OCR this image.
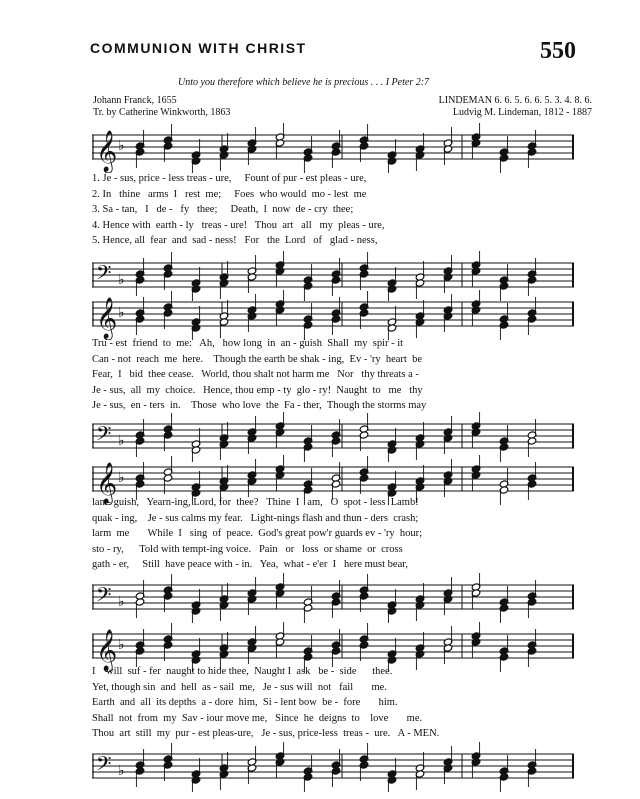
COMMUNION WITH CHRIST	550
Unto you therefore which believe he is precious . . . I Peter 2:7
Johann Franck, 1655
Tr. by Catherine Winkworth, 1863
LINDEMAN 6. 6. 5. 6. 6. 5. 3. 4. 8. 6.
Ludvig M. Lindeman, 1812 - 1887
𝄞 ♭
1. Je - sus, price - less treas - ure,     Fount of pur - est pleas - ure,
2. In   thine   arms  I   rest  me;     Foes  who would  mo - lest  me
3. Sa - tan,   I   de -   fy   thee;     Death,  I  now  de - cry  thee;
4. Hence with  earth - ly   treas - ure!   Thou  art   all   my  pleas - ure,
5. Hence, all  fear  and  sad - ness!   For   the  Lord   of   glad - ness,
𝄢 ♭
𝄞 ♭
Tru - est  friend  to  me:   Ah,   how long  in  an - guish  Shall  my  spir - it
Can - not  reach  me  here.    Though the earth be shak - ing,  Ev - 'ry  heart  be
Fear,  I   bid  thee cease.   World, thou shalt not harm me   Nor   thy threats a -
Je - sus,  all  my  choice.   Hence, thou emp - ty  glo - ry!  Naught  to   me   thy
Je - sus,  en - ters  in.    Those  who love  the  Fa - ther,  Though the storms may
𝄢 ♭
𝄞 ♭
lan - guish,   Yearn-ing, Lord, for  thee?   Thine  I   am,   O  spot - less  Lamb!
quak - ing,    Je - sus calms my fear.   Light-nings flash and thun - ders  crash;
larm  me       While  I   sing  of  peace.  God's great pow'r guards ev - 'ry  hour;
sto - ry,      Told with tempt-ing voice.   Pain   or   loss  or shame  or  cross
gath - er,     Still  have peace with - in.   Yea,  what - e'er  I   here must bear,
𝄢 ♭
𝄞 ♭
I    will  suf - fer  naught to hide thee,  Naught I  ask   be -  side      thee.
Yet, though sin  and  hell  as - sail  me,   Je - sus will  not   fail       me.
Earth  and  all  its depths  a - dore  him,  Si - lent bow  be -  fore       him.
Shall  not  from  my  Sav - iour move me,   Since  he  deigns  to    love       me.
Thou  art  still  my  pur - est pleas-ure,   Je - sus, price-less  treas -  ure.   A - MEN.
𝄢 ♭
